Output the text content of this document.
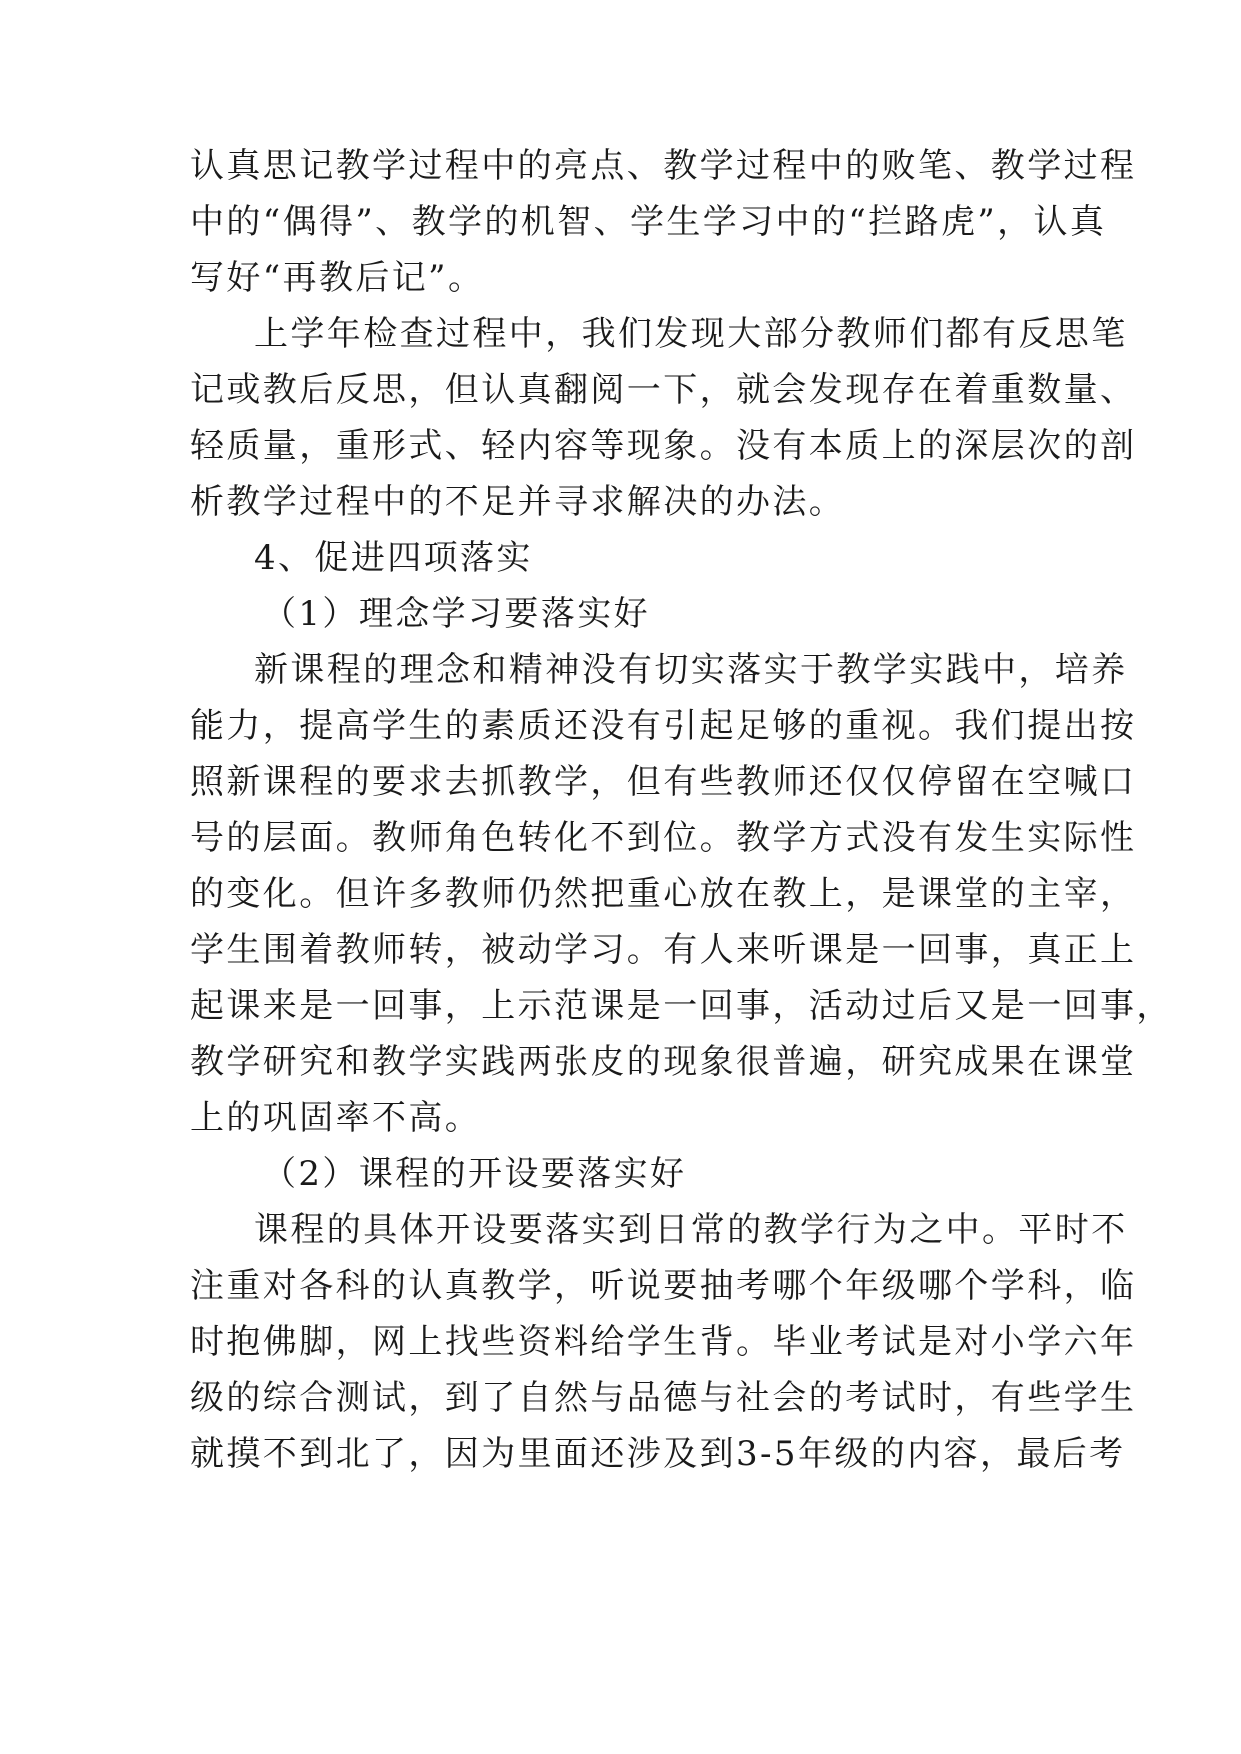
认真思记教学过程中的亮点、教学过程中的败笔、教学过程
中的“偶得”、教学的机智、学生学习中的“拦路虎”，认真
写好“再教后记”。
上学年检查过程中，我们发现大部分教师们都有反思笔
记或教后反思，但认真翻阅一下，就会发现存在着重数量、
轻质量，重形式、轻内容等现象。没有本质上的深层次的剖
析教学过程中的不足并寻求解决的办法。
4、促进四项落实
（1）理念学习要落实好
新课程的理念和精神没有切实落实于教学实践中，培养
能力，提高学生的素质还没有引起足够的重视。我们提出按
照新课程的要求去抓教学，但有些教师还仅仅停留在空喊口
号的层面。教师角色转化不到位。教学方式没有发生实际性
的变化。但许多教师仍然把重心放在教上，是课堂的主宰，
学生围着教师转，被动学习。有人来听课是一回事，真正上
起课来是一回事，上示范课是一回事，活动过后又是一回事，
教学研究和教学实践两张皮的现象很普遍，研究成果在课堂
上的巩固率不高。
（2）课程的开设要落实好
课程的具体开设要落实到日常的教学行为之中。平时不
注重对各科的认真教学，听说要抽考哪个年级哪个学科，临
时抱佛脚，网上找些资料给学生背。毕业考试是对小学六年
级的综合测试，到了自然与品德与社会的考试时，有些学生
就摸不到北了，因为里面还涉及到3-5年级的内容，最后考
